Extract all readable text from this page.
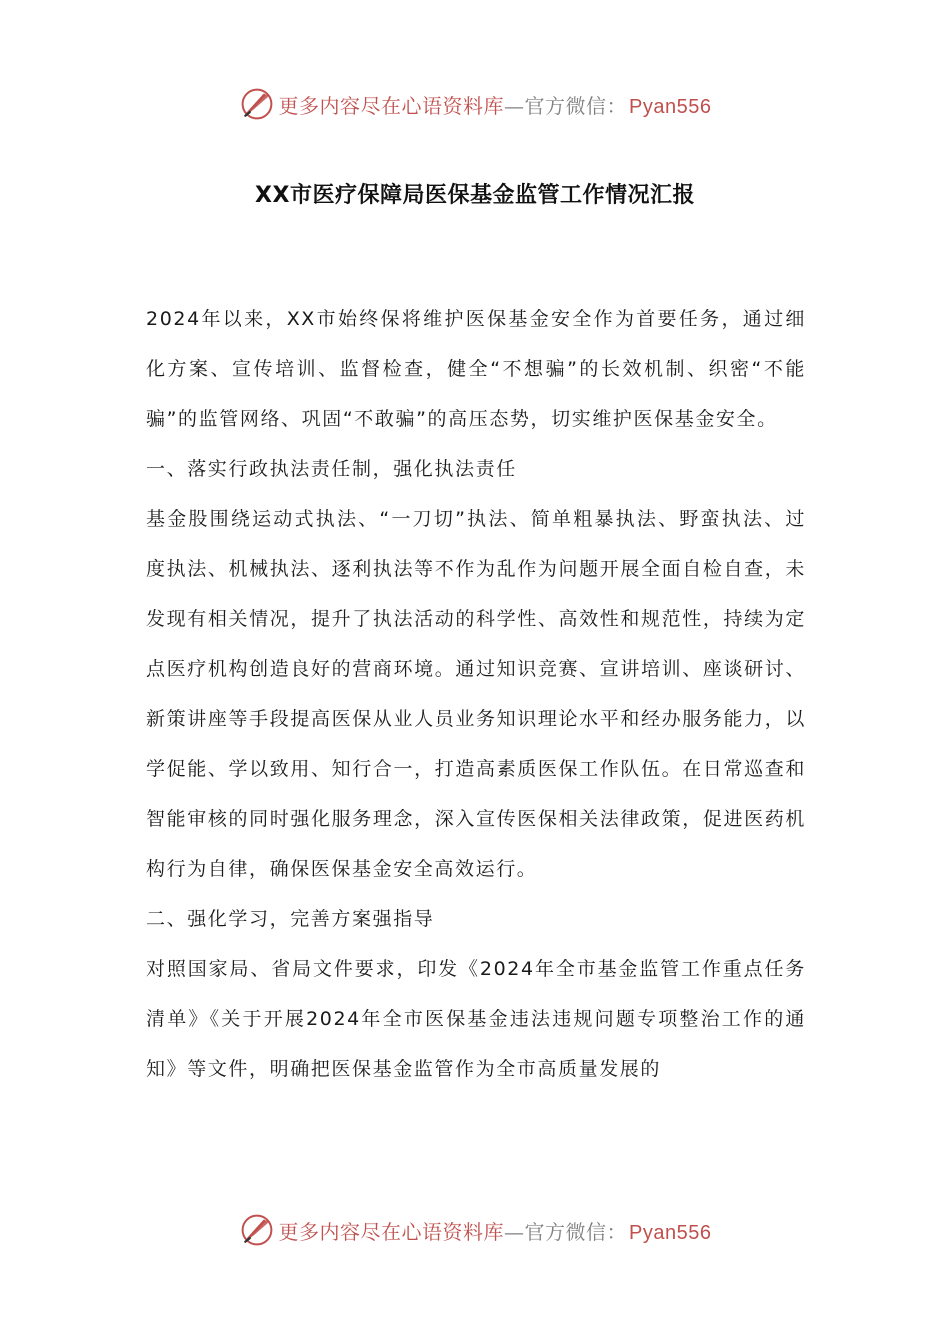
更多内容尽在心语资料库—官方微信： Pyan556
XX市医疗保障局医保基金监管工作情况汇报

2024年以来，XX市始终保将维护医保基金安全作为首要任务，通过细化方案、宣传培训、监督检查，健全“不想骗”的长效机制、织密“不能骗”的监管网络、巩固“不敢骗”的高压态势，切实维护医保基金安全。

一、落实行政执法责任制，强化执法责任

基金股围绕运动式执法、“一刀切”执法、简单粗暴执法、野蛮执法、过度执法、机械执法、逐利执法等不作为乱作为问题开展全面自检自查，未发现有相关情况，提升了执法活动的科学性、高效性和规范性，持续为定点医疗机构创造良好的营商环境。通过知识竞赛、宣讲培训、座谈研讨、新策讲座等手段提高医保从业人员业务知识理论水平和经办服务能力，以学促能、学以致用、知行合一，打造高素质医保工作队伍。在日常巡查和智能审核的同时强化服务理念，深入宣传医保相关法律政策，促进医药机构行为自律，确保医保基金安全高效运行。

二、强化学习，完善方案强指导

对照国家局、省局文件要求，印发《2024年全市基金监管工作重点任务清单》《关于开展2024年全市医保基金违法违规问题专项整治工作的通知》等文件，明确把医保基金监管作为全市高质量发展的

更多内容尽在心语资料库—官方微信： Pyan556
